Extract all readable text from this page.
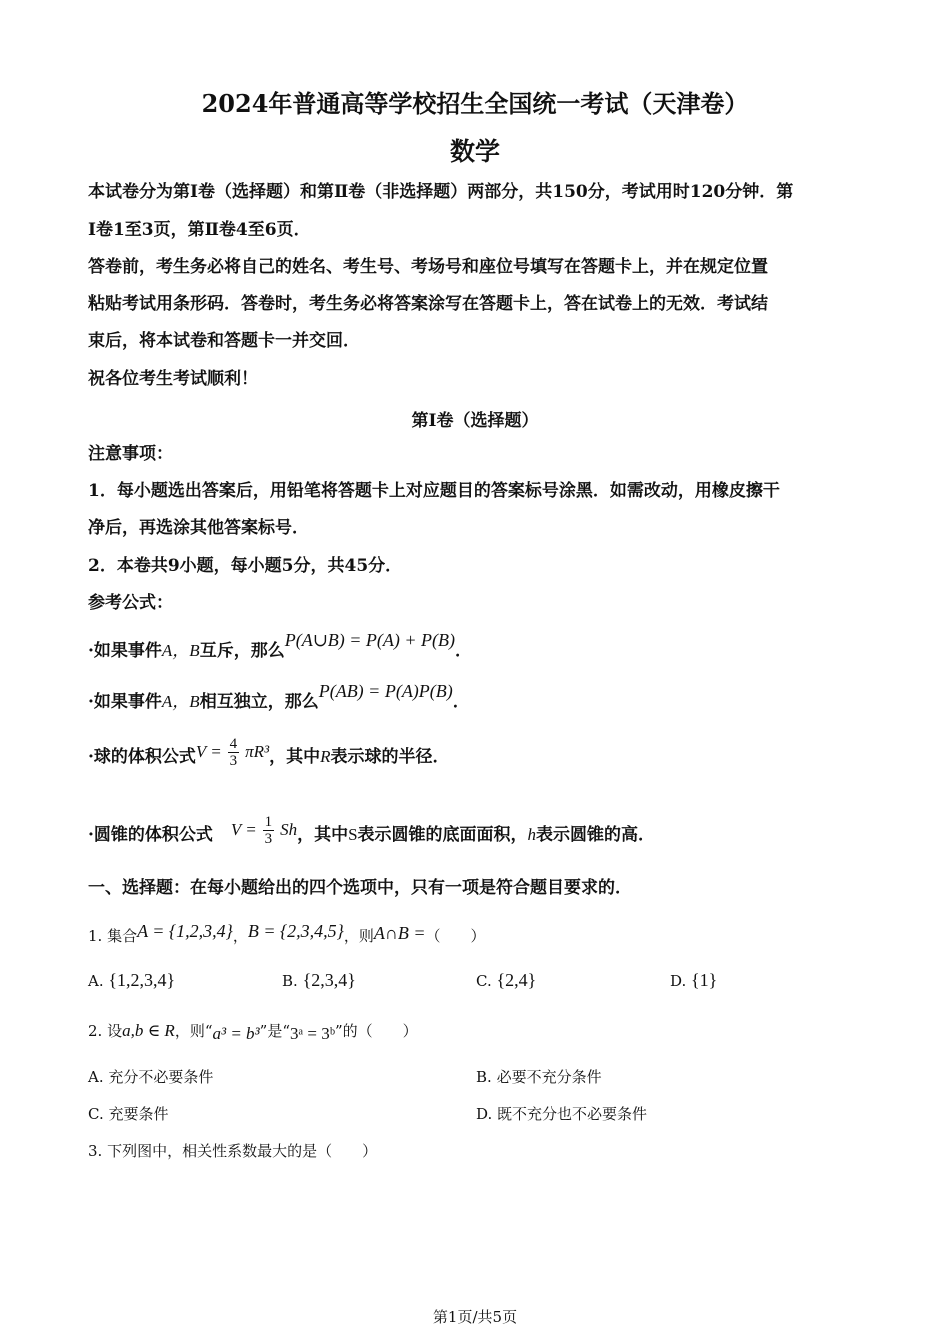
2024年普通高等学校招生全国统一考试（天津卷）
数学
本试卷分为第Ⅰ卷（选择题）和第Ⅱ卷（非选择题）两部分，共150分，考试用时120分钟．第
Ⅰ卷1至3页，第Ⅱ卷4至6页．
答卷前，考生务必将自己的姓名、考生号、考场号和座位号填写在答题卡上，并在规定位置
粘贴考试用条形码．答卷时，考生务必将答案涂写在答题卡上，答在试卷上的无效．考试结
束后，将本试卷和答题卡一并交回．
祝各位考生考试顺利！
第Ⅰ卷（选择题）
注意事项：
1．每小题选出答案后，用铅笔将答题卡上对应题目的答案标号涂黑．如需改动，用橡皮擦干
净后，再选涂其他答案标号．
2．本卷共9小题，每小题5分，共45分．
参考公式：
·如果事件A，B互斥，那么P(A∪B) = P(A) + P(B)．
·如果事件A，B相互独立，那么P(AB) = P(A)P(B)．
·球的体积公式$V = \frac{4}{3} \pi R^3$，其中R表示球的半径．
·圆锥的体积公式 $V = \frac{1}{3}$ Sh，其中S表示圆锥的底面面积，h表示圆锥的高．
一、选择题：在每小题给出的四个选项中，只有一项是符合题目要求的．
1. 集合A = {1,2,3,4}，B = {2,3,4,5}，则A∩B =（　　）
A. {1,2,3,4}	B. {2,3,4}	C. {2,4}	D. {1}
2. 设a,b ∈ R，则“a³ = b³”是“3ᵃ = 3ᵇ”的（　　）
A. 充分不必要条件	B. 必要不充分条件
C. 充要条件	D. 既不充分也不必要条件
3. 下列图中，相关性系数最大的是（　　）
第1页/共5页
